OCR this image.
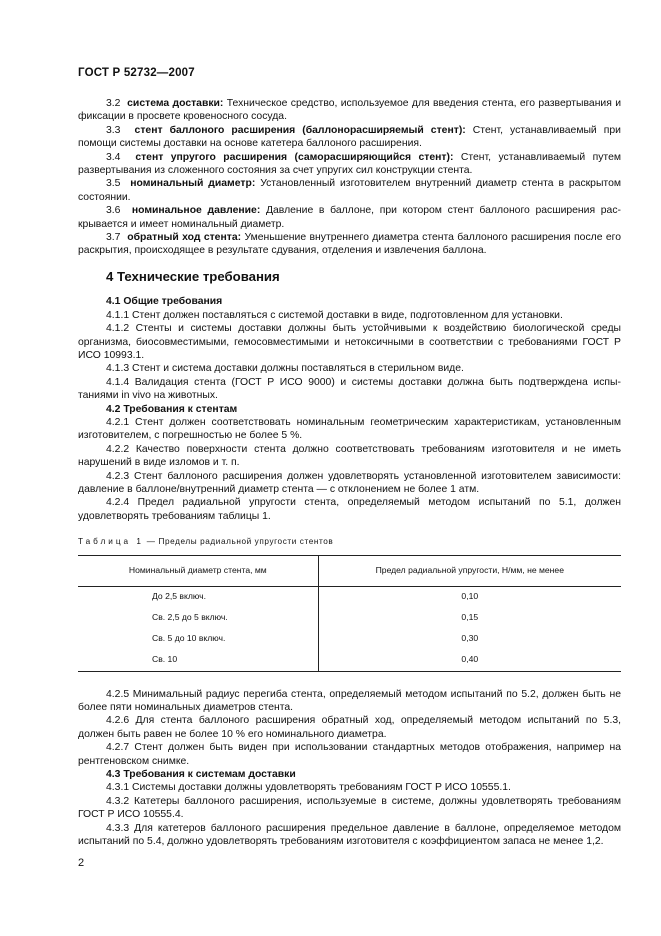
ГОСТ Р 52732—2007

3.2 система доставки: Техническое средство, используемое для введения стента, его развертывания и фиксации в просвете кровеносного сосуда.

3.3 стент баллоного расширения (баллонорасширяемый стент): Стент, устанавливаемый при помощи системы доставки на основе катетера баллоного расширения.

3.4 стент упругого расширения (саморасширяющийся стент): Стент, устанавливаемый путем развертывания из сложенного состояния за счет упругих сил конструкции стента.

3.5 номинальный диаметр: Установленный изготовителем внутренний диаметр стента в раскрытом состоянии.

3.6 номинальное давление: Давление в баллоне, при котором стент баллоного расширения раскрывается и имеет номинальный диаметр.

3.7 обратный ход стента: Уменьшение внутреннего диаметра стента баллоного расширения после его раскрытия, происходящее в результате сдувания, отделения и извлечения баллона.

4 Технические требования

4.1 Общие требования

4.1.1 Стент должен поставляться с системой доставки в виде, подготовленном для установки.

4.1.2 Стенты и системы доставки должны быть устойчивыми к воздействию биологической среды организма, биосовместимыми, гемосовместимыми и нетоксичными в соответствии с требованиями ГОСТ Р ИСО 10993.1.

4.1.3 Стент и система доставки должны поставляться в стерильном виде.

4.1.4 Валидация стента (ГОСТ Р ИСО 9000) и системы доставки должна быть подтверждена испытаниями in vivo на животных.

4.2 Требования к стентам

4.2.1 Стент должен соответствовать номинальным геометрическим характеристикам, установленным изготовителем, с погрешностью не более 5 %.

4.2.2 Качество поверхности стента должно соответствовать требованиям изготовителя и не иметь нарушений в виде изломов и т. п.

4.2.3 Стент баллоного расширения должен удовлетворять установленной изготовителем зависимости: давление в баллоне/внутренний диаметр стента — с отклонением не более 1 атм.

4.2.4 Предел радиальной упругости стента, определяемый методом испытаний по 5.1, должен удовлетворять требованиям таблицы 1.

Таблица 1 — Пределы радиальной упругости стентов
Номинальный диаметр стента, мм	Предел радиальной упругости, Н/мм, не менее
До 2,5 включ.	0,10
Св. 2,5 до 5 включ.	0,15
Св. 5 до 10 включ.	0,30
Св. 10	0,40

4.2.5 Минимальный радиус перегиба стента, определяемый методом испытаний по 5.2, должен быть не более пяти номинальных диаметров стента.

4.2.6 Для стента баллоного расширения обратный ход, определяемый методом испытаний по 5.3, должен быть равен не более 10 % его номинального диаметра.

4.2.7 Стент должен быть виден при использовании стандартных методов отображения, например на рентгеновском снимке.

4.3 Требования к системам доставки

4.3.1 Системы доставки должны удовлетворять требованиям ГОСТ Р ИСО 10555.1.

4.3.2 Катетеры баллоного расширения, используемые в системе, должны удовлетворять требованиям ГОСТ Р ИСО 10555.4.

4.3.3 Для катетеров баллоного расширения предельное давление в баллоне, определяемое методом испытаний по 5.4, должно удовлетворять требованиям изготовителя с коэффициентом запаса не менее 1,2.

2
